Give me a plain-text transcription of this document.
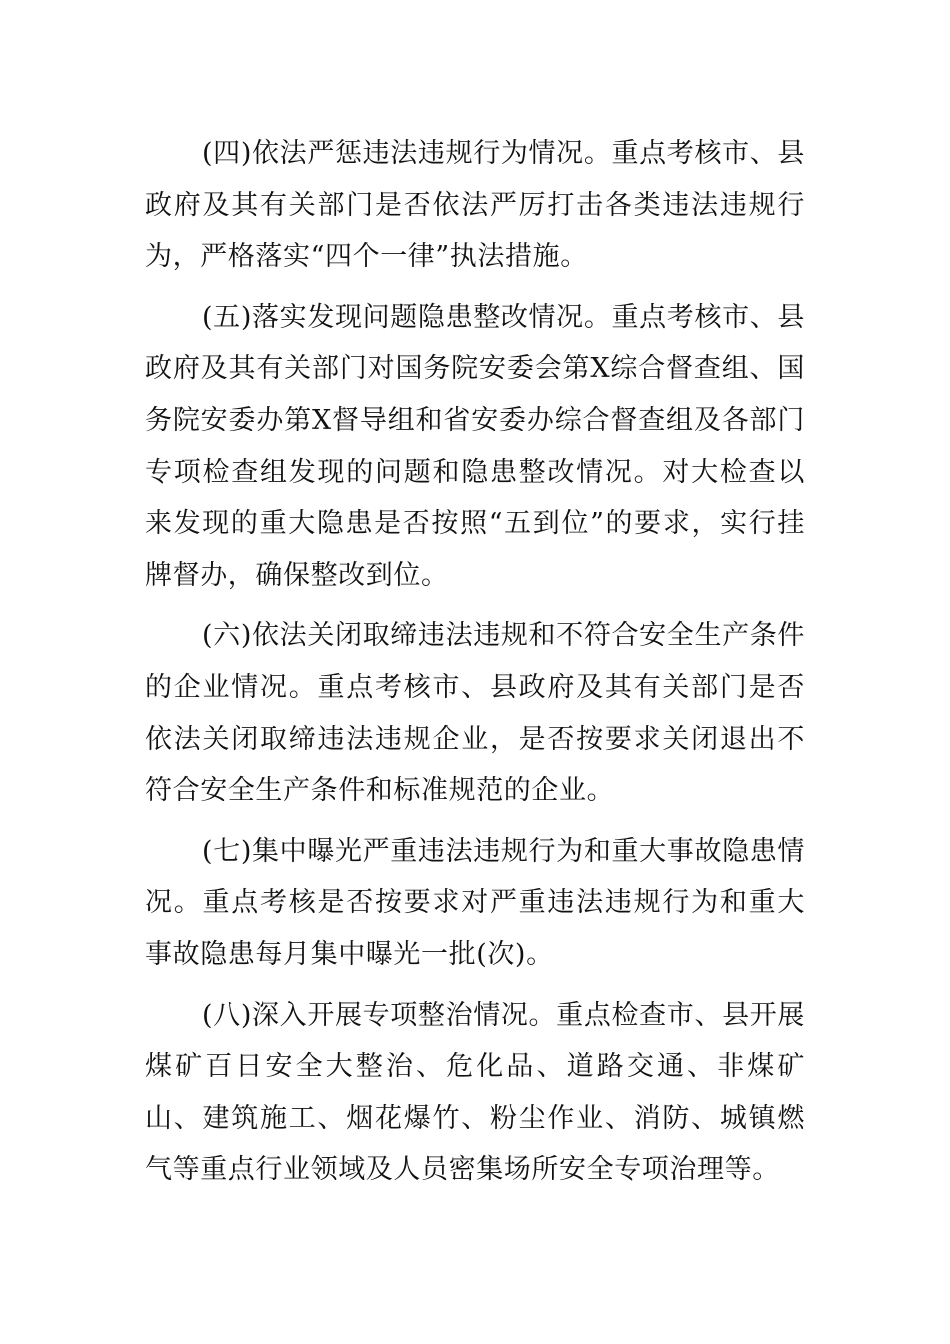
(四)依法严惩违法违规行为情况。重点考核市、县政府及其有关部门是否依法严厉打击各类违法违规行为，严格落实“四个一律”执法措施。

(五)落实发现问题隐患整改情况。重点考核市、县政府及其有关部门对国务院安委会第X综合督查组、国务院安委办第X督导组和省安委办综合督查组及各部门专项检查组发现的问题和隐患整改情况。对大检查以来发现的重大隐患是否按照“五到位”的要求，实行挂牌督办，确保整改到位。

(六)依法关闭取缔违法违规和不符合安全生产条件的企业情况。重点考核市、县政府及其有关部门是否依法关闭取缔违法违规企业，是否按要求关闭退出不符合安全生产条件和标准规范的企业。

(七)集中曝光严重违法违规行为和重大事故隐患情况。重点考核是否按要求对严重违法违规行为和重大事故隐患每月集中曝光一批(次)。

(八)深入开展专项整治情况。重点检查市、县开展煤矿百日安全大整治、危化品、道路交通、非煤矿山、建筑施工、烟花爆竹、粉尘作业、消防、城镇燃气等重点行业领域及人员密集场所安全专项治理等。
